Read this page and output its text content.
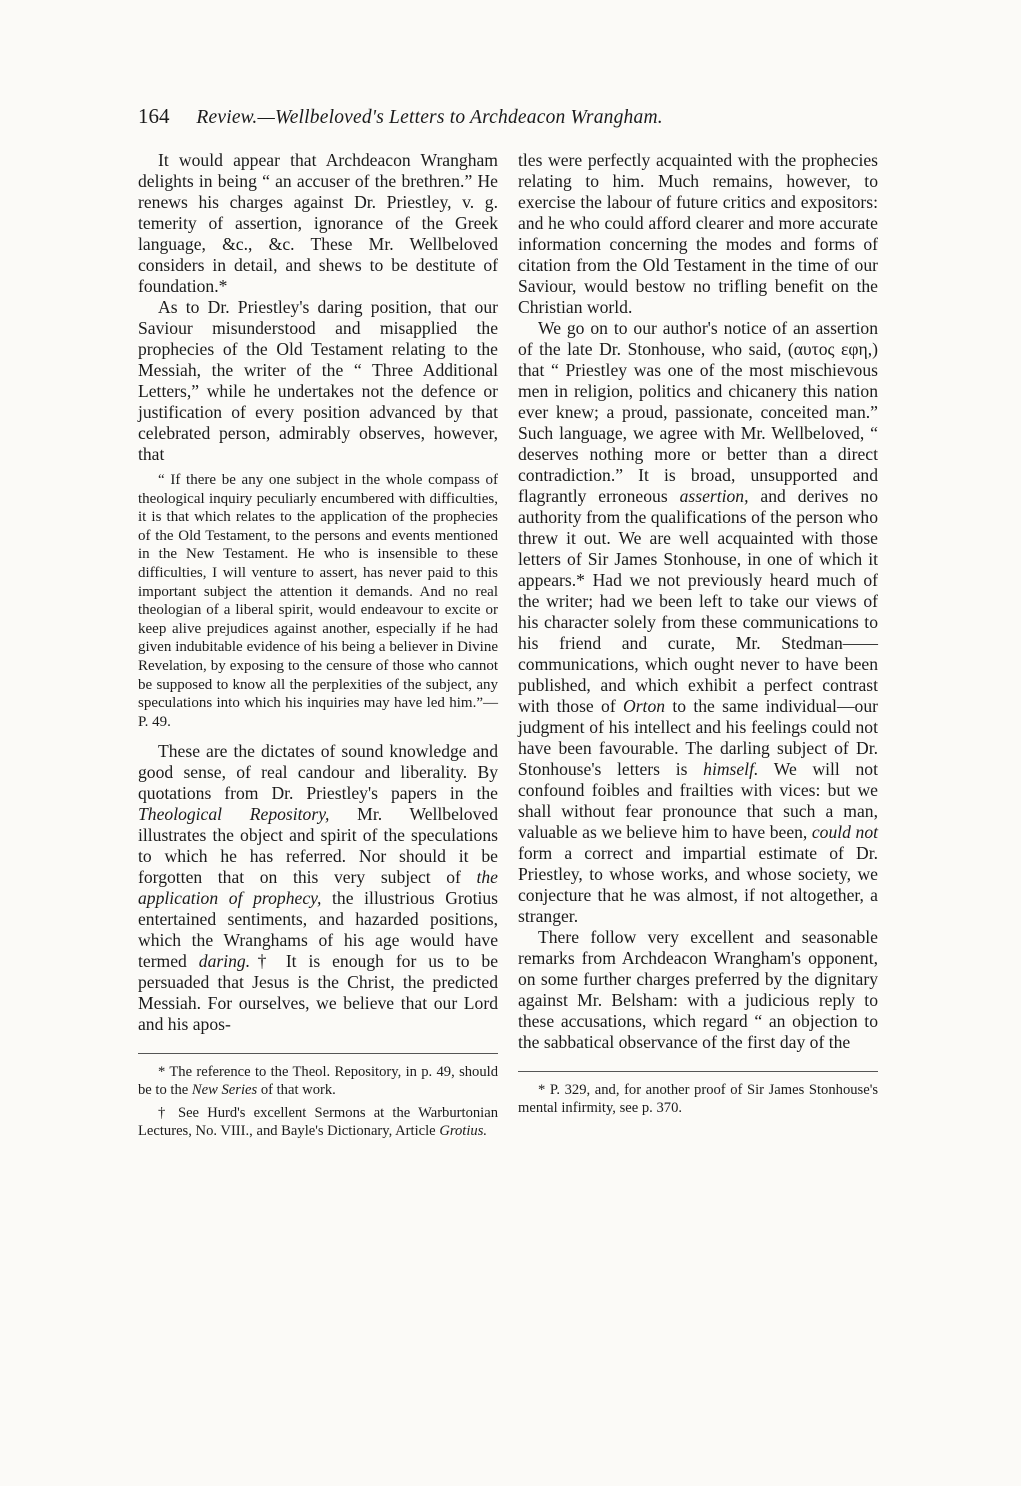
164 Review.—Wellbeloved's Letters to Archdeacon Wrangham.

It would appear that Archdeacon Wrangham delights in being “ an accuser of the brethren.” He renews his charges against Dr. Priestley, v. g. temerity of assertion, ignorance of the Greek language, &c., &c. These Mr. Wellbeloved considers in detail, and shews to be destitute of foundation.*

As to Dr. Priestley's daring position, that our Saviour misunderstood and misapplied the prophecies of the Old Testament relating to the Messiah, the writer of the “ Three Additional Letters,” while he undertakes not the defence or justification of every position advanced by that celebrated person, admirably observes, however, that

“ If there be any one subject in the whole compass of theological inquiry peculiarly encumbered with difficulties, it is that which relates to the application of the prophecies of the Old Testament, to the persons and events mentioned in the New Testament. He who is insensible to these difficulties, I will venture to assert, has never paid to this important subject the attention it demands. And no real theologian of a liberal spirit, would endeavour to excite or keep alive prejudices against another, especially if he had given indubitable evidence of his being a believer in Divine Revelation, by exposing to the censure of those who cannot be supposed to know all the perplexities of the subject, any speculations into which his inquiries may have led him.”—P. 49.

These are the dictates of sound knowledge and good sense, of real candour and liberality. By quotations from Dr. Priestley's papers in the Theological Repository, Mr. Wellbeloved illustrates the object and spirit of the speculations to which he has referred. Nor should it be forgotten that on this very subject of the application of prophecy, the illustrious Grotius entertained sentiments, and hazarded positions, which the Wranghams of his age would have termed daring.† It is enough for us to be persuaded that Jesus is the Christ, the predicted Messiah. For ourselves, we believe that our Lord and his apos-

* The reference to the Theol. Repository, in p. 49, should be to the New Series of that work.

† See Hurd's excellent Sermons at the Warburtonian Lectures, No. VIII., and Bayle's Dictionary, Article Grotius.

tles were perfectly acquainted with the prophecies relating to him. Much remains, however, to exercise the labour of future critics and expositors: and he who could afford clearer and more accurate information concerning the modes and forms of citation from the Old Testament in the time of our Saviour, would bestow no trifling benefit on the Christian world.

We go on to our author's notice of an assertion of the late Dr. Stonhouse, who said, (αυτος εφη,) that “ Priestley was one of the most mischievous men in religion, politics and chicanery this nation ever knew; a proud, passionate, conceited man.” Such language, we agree with Mr. Wellbeloved, “ deserves nothing more or better than a direct contradiction.” It is broad, unsupported and flagrantly erroneous assertion, and derives no authority from the qualifications of the person who threw it out. We are well acquainted with those letters of Sir James Stonhouse, in one of which it appears.* Had we not previously heard much of the writer; had we been left to take our views of his character solely from these communications to his friend and curate, Mr. Stedman——communications, which ought never to have been published, and which exhibit a perfect contrast with those of Orton to the same individual—our judgment of his intellect and his feelings could not have been favourable. The darling subject of Dr. Stonhouse's letters is himself. We will not confound foibles and frailties with vices: but we shall without fear pronounce that such a man, valuable as we believe him to have been, could not form a correct and impartial estimate of Dr. Priestley, to whose works, and whose society, we conjecture that he was almost, if not altogether, a stranger.

There follow very excellent and seasonable remarks from Archdeacon Wrangham's opponent, on some further charges preferred by the dignitary against Mr. Belsham: with a judicious reply to these accusations, which regard “ an objection to the sabbatical observance of the first day of the

* P. 329, and, for another proof of Sir James Stonhouse's mental infirmity, see p. 370.
